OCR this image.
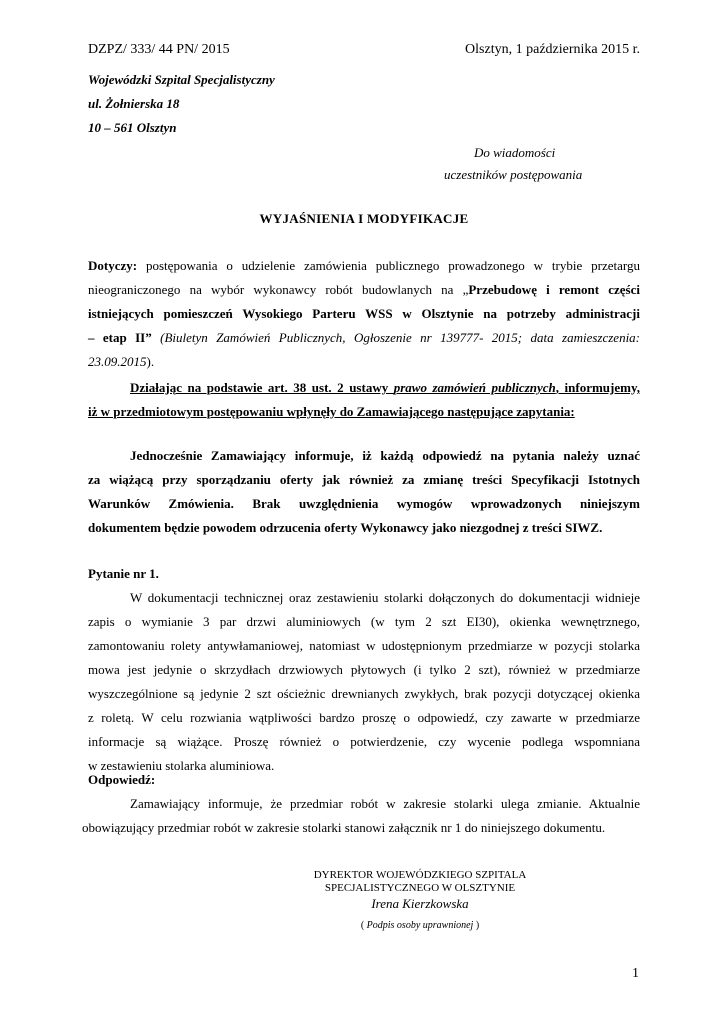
DZPZ/ 333/ 44 PN/ 2015	Olsztyn, 1 października 2015 r.
Wojewódzki Szpital Specjalistyczny
ul. Żołnierska 18
10 – 561 Olsztyn
Do wiadomości
uczestników postępowania
WYJAŚNIENIA I MODYFIKACJE
Dotyczy: postępowania o udzielenie zamówienia publicznego prowadzonego w trybie przetargu
nieograniczonego na wybór wykonawcy robót budowlanych na „Przebudowę i remont części
istniejących pomieszczeń Wysokiego Parteru WSS w Olsztynie na potrzeby administracji
– etap II” (Biuletyn Zamówień Publicznych, Ogłoszenie nr 139777- 2015; data zamieszczenia:
23.09.2015).
Działając na podstawie art. 38 ust. 2 ustawy prawo zamówień publicznych, informujemy,
iż w przedmiotowym postępowaniu wpłynęły do Zamawiającego następujące zapytania:
Jednocześnie Zamawiający informuje, iż każdą odpowiedź na pytania należy uznać
za wiążącą przy sporządzaniu oferty jak również za zmianę treści Specyfikacji Istotnych
Warunków Zmówienia. Brak uwzględnienia wymogów wprowadzonych niniejszym
dokumentem będzie powodem odrzucenia oferty Wykonawcy jako niezgodnej z treści SIWZ.
Pytanie nr 1.
W dokumentacji technicznej oraz zestawieniu stolarki dołączonych do dokumentacji widnieje
zapis o wymianie 3 par drzwi aluminiowych (w tym 2 szt EI30), okienka wewnętrznego,
zamontowaniu rolety antywłamaniowej, natomiast w udostępnionym przedmiarze w pozycji stolarka
mowa jest jedynie o skrzydłach drzwiowych płytowych (i tylko 2 szt), również w przedmiarze
wyszczególnione są jedynie 2 szt ościeżnic drewnianych zwykłych, brak pozycji dotyczącej okienka
z roletą. W celu rozwiania wątpliwości bardzo proszę o odpowiedź, czy zawarte w przedmiarze
informacje są wiążące. Proszę również o potwierdzenie, czy wycenie podlega wspomniana
w zestawieniu stolarka aluminiowa.
Odpowiedź:
Zamawiający informuje, że przedmiar robót w zakresie stolarki ulega zmianie. Aktualnie
obowiązujący przedmiar robót w zakresie stolarki stanowi załącznik nr 1 do niniejszego dokumentu.
DYREKTOR WOJEWÓDZKIEGO SZPITALA
SPECJALISTYCZNEGO W OLSZTYNIE
Irena Kierzkowska
( Podpis osoby uprawnionej )
1
